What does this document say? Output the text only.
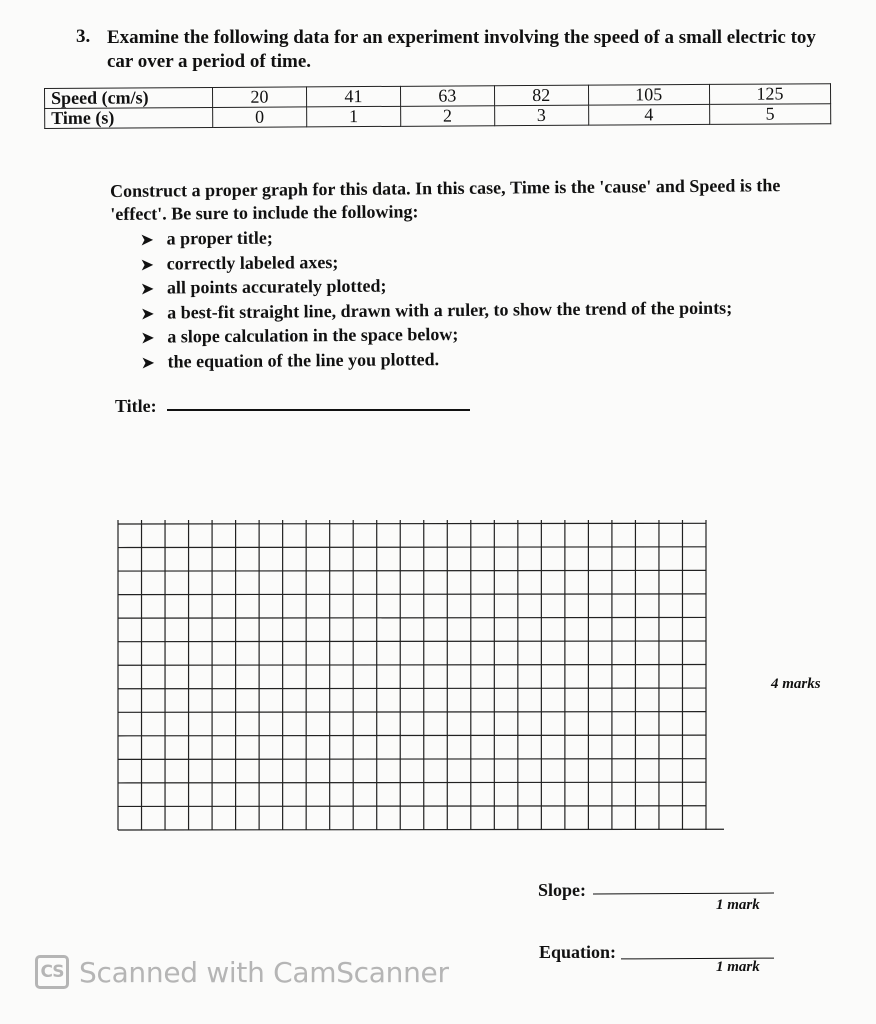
3. Examine the following data for an experiment involving the speed of a small electric toy car over a period of time.
Speed (cm/s)	20	41	63	82	105	125
Time (s)	0	1	2	3	4	5
Construct a proper graph for this data. In this case, Time is the 'cause' and Speed is the 'effect'. Be sure to include the following:
➤ a proper title;
➤ correctly labeled axes;
➤ all points accurately plotted;
➤ a best-fit straight line, drawn with a ruler, to show the trend of the points;
➤ a slope calculation in the space below;
➤ the equation of the line you plotted.
Title:
4 marks
Slope:
1 mark
Equation:
1 mark
CS Scanned with CamScanner
